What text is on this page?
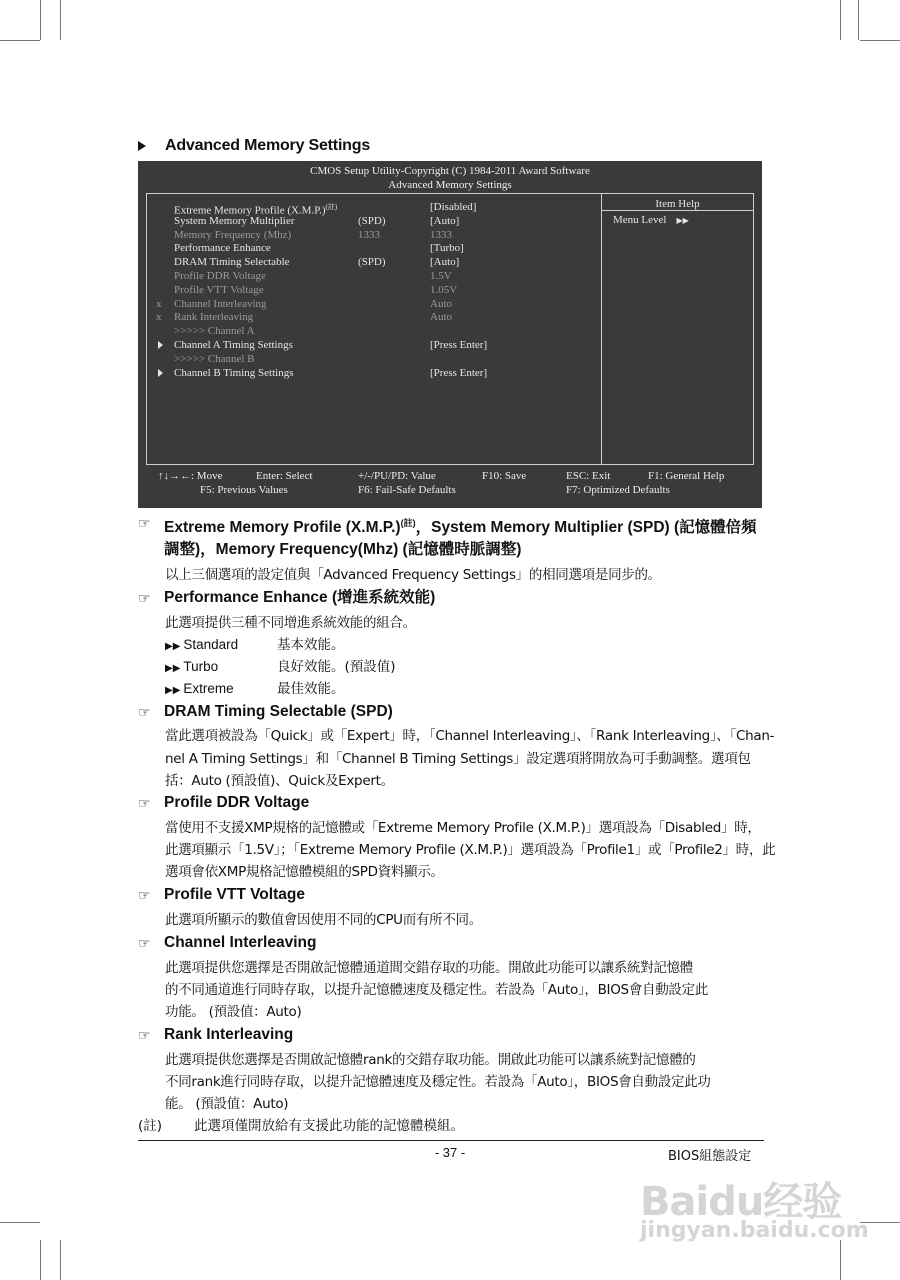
Advanced Memory Settings
CMOS Setup Utility-Copyright (C) 1984-2011 Award Software
Advanced Memory Settings
Item Help
Menu Level ▶▶
Extreme Memory Profile $(X.M.P.)^{(註)}$	[Disabled]
System Memory Multiplier	(SPD)	[Auto]
Memory Frequency (Mhz)	1333	1333
Performance Enhance	[Turbo]
DRAM Timing Selectable	(SPD)	[Auto]
Profile DDR Voltage	1.5V
Profile VTT Voltage	1.05V
x	Channel Interleaving	Auto
x	Rank Interleaving	Auto
>>>>> Channel A
Channel A Timing Settings	[Press Enter]
>>>>> Channel B
Channel B Timing Settings	[Press Enter]
↑↓→←: Move	Enter: Select	+/-/PU/PD: Value	F10: Save	ESC: Exit	F1: General Help
F5: Previous Values	F6: Fail-Safe Defaults	F7: Optimized Defaults
☞ Extreme Memory Profile $(X.M.P.)^{(註)}$，System Memory Multiplier (SPD) (記憶體倍頻
調整)，Memory Frequency(Mhz) (記憶體時脈調整)
以上三個選項的設定值與「Advanced Frequency Settings」的相同選項是同步的。
☞ Performance Enhance (增進系統效能)
此選項提供三種不同增進系統效能的組合。
▶▶ Standard	基本效能。
▶▶ Turbo	良好效能。(預設值)
▶▶ Extreme	最佳效能。
☞ DRAM Timing Selectable (SPD)
當此選項被設為「Quick」或「Expert」時，「Channel Interleaving」、「Rank Interleaving」、「Chan-
nel A Timing Settings」和「Channel B Timing Settings」設定選項將開放為可手動調整。選項包
括：Auto (預設值)、Quick及Expert。
☞ Profile DDR Voltage
當使用不支援XMP規格的記憶體或「Extreme Memory Profile (X.M.P.)」選項設為「Disabled」時，
此選項顯示「1.5V」；「Extreme Memory Profile (X.M.P.)」選項設為「Profile1」或「Profile2」時，此
選項會依XMP規格記憶體模組的SPD資料顯示。
☞ Profile VTT Voltage
此選項所顯示的數值會因使用不同的CPU而有所不同。
☞ Channel Interleaving
此選項提供您選擇是否開啟記憶體通道間交錯存取的功能。開啟此功能可以讓系統對記憶體
的不同通道進行同時存取，以提升記憶體速度及穩定性。若設為「Auto」，BIOS會自動設定此
功能。 (預設值：Auto)
☞ Rank Interleaving
此選項提供您選擇是否開啟記憶體rank的交錯存取功能。開啟此功能可以讓系統對記憶體的
不同rank進行同時存取，以提升記憶體速度及穩定性。若設為「Auto」，BIOS會自動設定此功
能。 (預設值：Auto)
(註) 此選項僅開放給有支援此功能的記憶體模組。
- 37 -	BIOS組態設定
Baidu经验
jingyan.baidu.com
